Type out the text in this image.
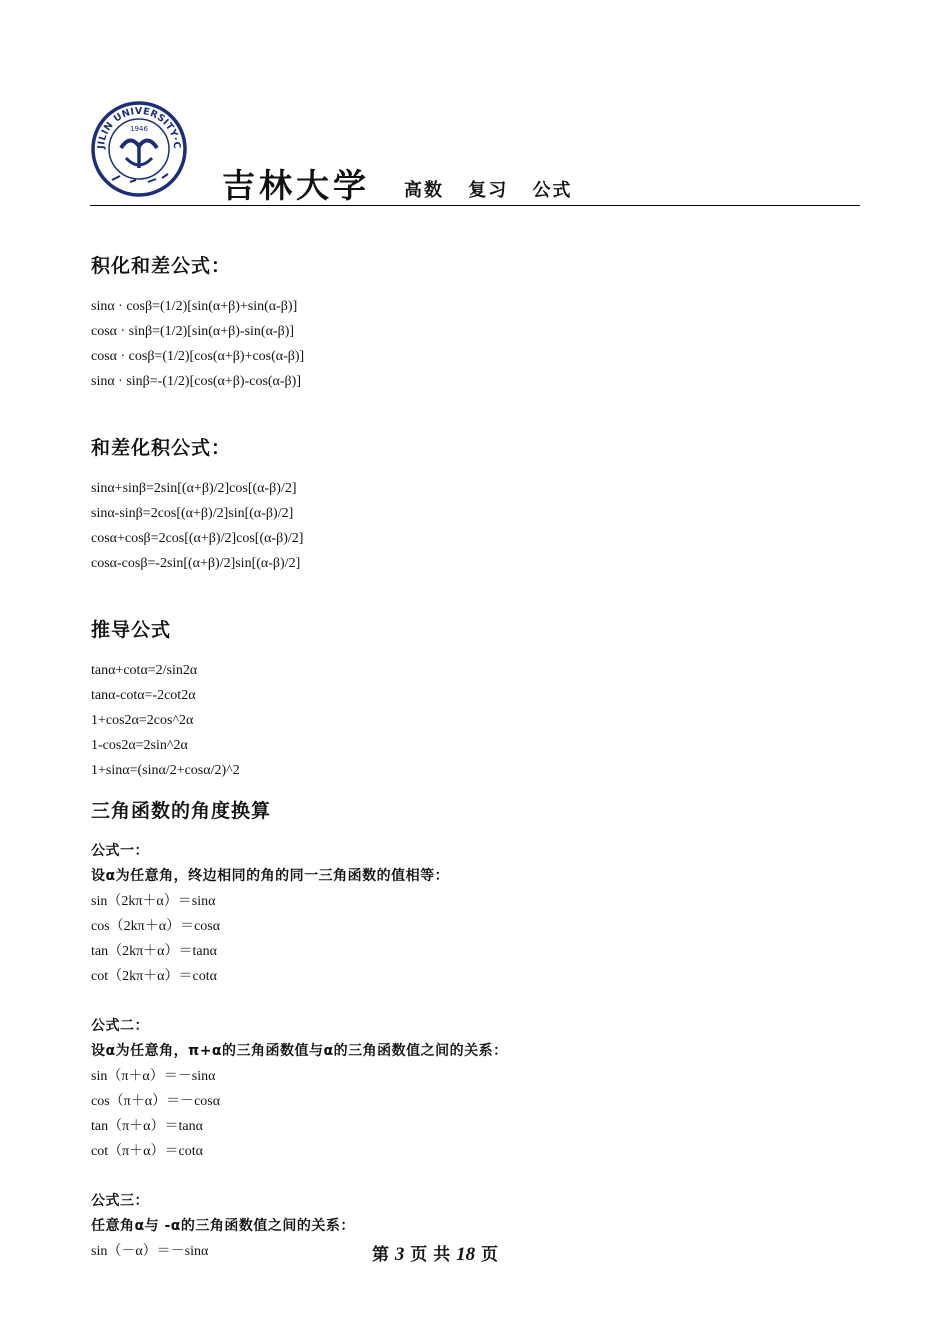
JILIN UNIVERSITY·C
1946
吉林大学 高数 复习 公式
积化和差公式：
sinα · cosβ=(1/2)[sin(α+β)+sin(α-β)]
cosα · sinβ=(1/2)[sin(α+β)-sin(α-β)]
cosα · cosβ=(1/2)[cos(α+β)+cos(α-β)]
sinα · sinβ=-(1/2)[cos(α+β)-cos(α-β)]
和差化积公式：
sinα+sinβ=2sin[(α+β)/2]cos[(α-β)/2]
sinα-sinβ=2cos[(α+β)/2]sin[(α-β)/2]
cosα+cosβ=2cos[(α+β)/2]cos[(α-β)/2]
cosα-cosβ=-2sin[(α+β)/2]sin[(α-β)/2]
推导公式
tanα+cotα=2/sin2α
tanα-cotα=-2cot2α
1+cos2α=2cos^2α
1-cos2α=2sin^2α
1+sinα=(sinα/2+cosα/2)^2
三角函数的角度换算
公式一：
设α为任意角，终边相同的角的同一三角函数的值相等：
sin（2kπ＋α）＝sinα
cos（2kπ＋α）＝cosα
tan（2kπ＋α）＝tanα
cot（2kπ＋α）＝cotα
公式二：
设α为任意角，π+α的三角函数值与α的三角函数值之间的关系：
sin（π＋α）＝－sinα
cos（π＋α）＝－cosα
tan（π＋α）＝tanα
cot（π＋α）＝cotα
公式三：
任意角α与 -α的三角函数值之间的关系：
sin（－α）＝－sinα	第 3 页 共 18 页
